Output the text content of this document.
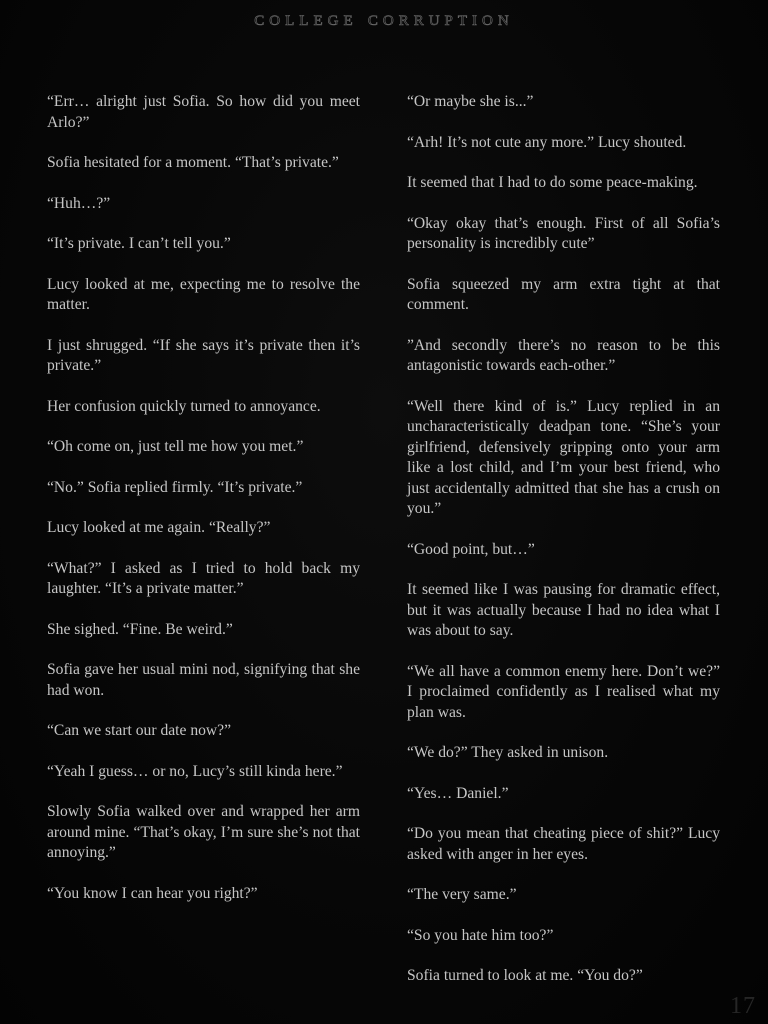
college corruption

“Err… alright just Sofia. So how did you meet Arlo?”

Sofia hesitated for a moment. “That’s private.”

“Huh…?”

“It’s private. I can’t tell you.”

Lucy looked at me, expecting me to resolve the matter.

I just shrugged. “If she says it’s private then it’s private.”

Her confusion quickly turned to annoyance.

“Oh come on, just tell me how you met.”

“No.” Sofia replied firmly. “It’s private.”

Lucy looked at me again. “Really?”

“What?” I asked as I tried to hold back my laughter. “It’s a private matter.”

She sighed. “Fine. Be weird.”

Sofia gave her usual mini nod, signifying that she had won.

“Can we start our date now?”

“Yeah I guess… or no, Lucy’s still kinda here.”

Slowly Sofia walked over and wrapped her arm around mine. “That’s okay, I’m sure she’s not that annoying.”

“You know I can hear you right?”

“Or maybe she is...”

“Arh! It’s not cute any more.” Lucy shouted.

It seemed that I had to do some peace-making.

“Okay okay that’s enough. First of all Sofia’s personality is incredibly cute”

Sofia squeezed my arm extra tight at that comment.

”And secondly there’s no reason to be this antagonistic towards each-other.”

“Well there kind of is.” Lucy replied in an uncharacteristically deadpan tone. “She’s your girlfriend, defensively gripping onto your arm like a lost child, and I’m your best friend, who just accidentally admitted that she has a crush on you.”

“Good point, but…”

It seemed like I was pausing for dramatic effect, but it was actually because I had no idea what I was about to say.

“We all have a common enemy here. Don’t we?” I proclaimed confidently as I realised what my plan was.

“We do?” They asked in unison.

“Yes… Daniel.”

“Do you mean that cheating piece of shit?” Lucy asked with anger in her eyes.

“The very same.”

“So you hate him too?”

Sofia turned to look at me. “You do?”

17
